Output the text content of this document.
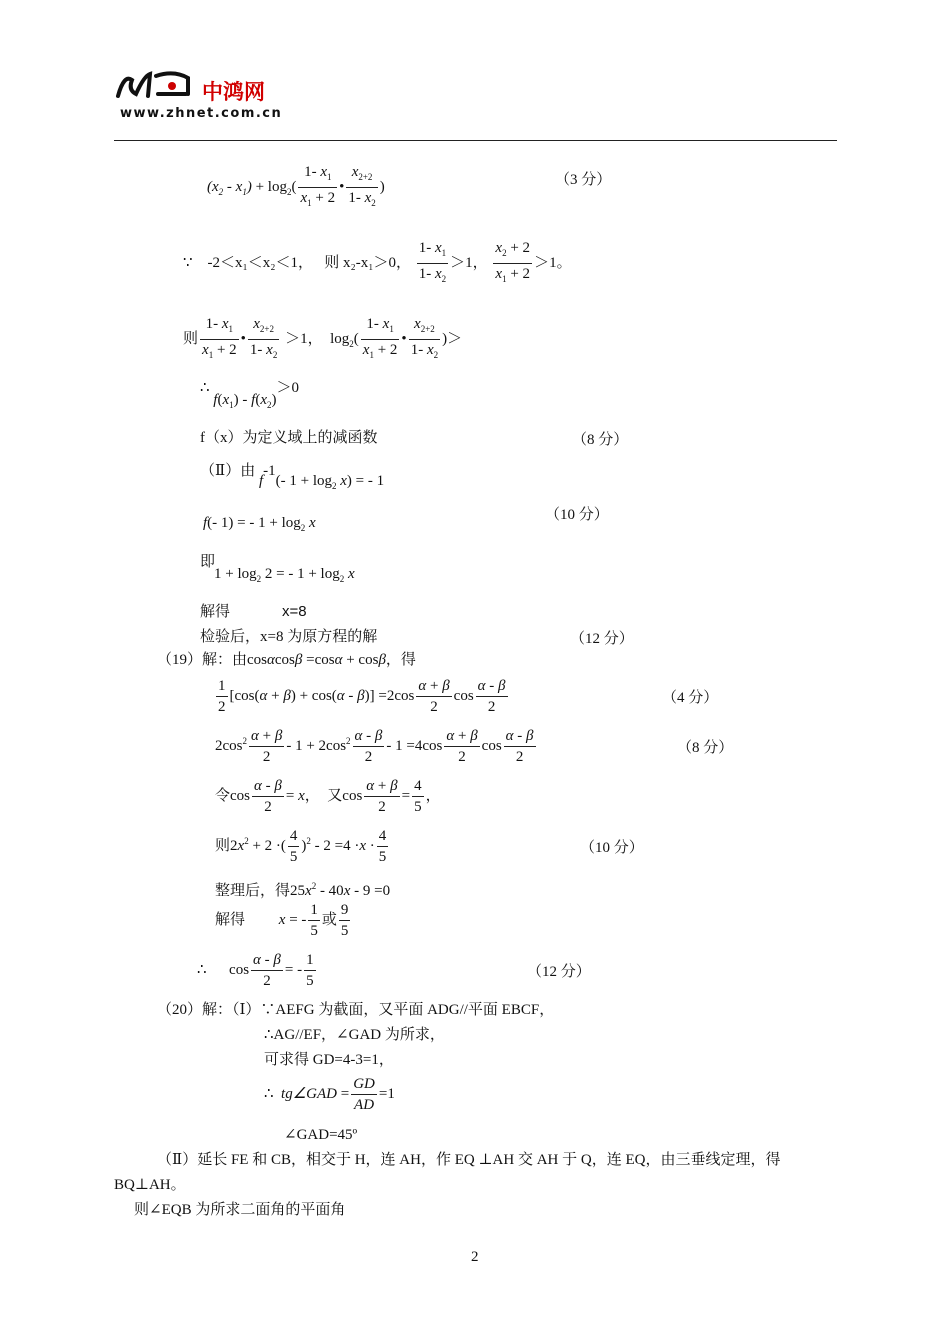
中鸿网
www.zhnet.com.cn
$(x_2 - x_1) + \log_2( \frac{1- x_1}{x_1 + 2}$ • $\frac{x_{2+2}}{1- x_2}$ )	（3 分）
∵ -2＜x₁＜x₂＜1， 则 x₂-x₁＞0， $\frac{1- x_1}{1- x_2} >1$， $\frac{x_2 + 2}{x_1 + 2} >1$。
则 $\frac{1- x_1}{x_1 + 2}$ • $\frac{x_{2+2}}{1- x_2} >1$， $\log_2( \frac{1- x_1}{x_1 + 2}$ • $\frac{x_{2+2}}{1- x_2}$ )＞
∴ $f(x_1) - f(x_2)>0$
f（x）为定义域上的减函数	（8 分）
（Ⅱ）由 $f^{-1}(-$ $1 + \log_2 x$) = - 1
f(- 1) = - $1 + \log_2 x$	（10 分）
即
$1 + \log_2 2$ = - $1 + \log_2 x$
解得	x=8
检验后，x=8 为原方程的解	（12 分）
（19）解：由cosαcosβ =cosα + cosβ，得
$\frac{1}{2} [\cos(\alpha + \beta) + \cos(\alpha - \beta)] =2\cos \frac{\alpha + \beta}{2}$ $\cos \frac{\alpha - \beta}{2}$	（4 分）
$2\cos^2 \frac{\alpha + \beta}{2} - 1 + 2\cos^2 \frac{\alpha - \beta}{2} - 1 =4\cos \frac{\alpha + \beta}{2}$ $\cos \frac{\alpha - \beta}{2}$	（8 分）
令$\cos \frac{\alpha - \beta}{2} = x$，　又$\cos \frac{\alpha + \beta}{2} = \frac{4}{5}$ ，
则$2x^2 + 2$ ·( $\frac{4}{5} )^2 - 2 =4 \cdot x \cdot \frac{4}{5}$	（10 分）
整理后，得$25x^2 - 40x - 9 =0$
解得 x = - $\frac{1}{5}$ 或 $\frac{9}{5}$
∴ $\cos \frac{\alpha - \beta}{2}$ = - $\frac{1}{5}$	（12 分）
（20）解：（Ⅰ）∵AEFG 为截面，又平面 ADG//平面 EBCF，
∴AG//EF，∠GAD 为所求，
可求得 GD=4-3=1，
∴ tg∠GAD = $\frac{GD}{AD} =1$
∠GAD=45º
（Ⅱ）延长 FE 和 CB，相交于 H，连 AH，作 EQ ⊥AH 交 AH 于 Q，连 EQ，由三垂线定理，得
BQ⊥AH。
则∠EQB 为所求二面角的平面角
2
